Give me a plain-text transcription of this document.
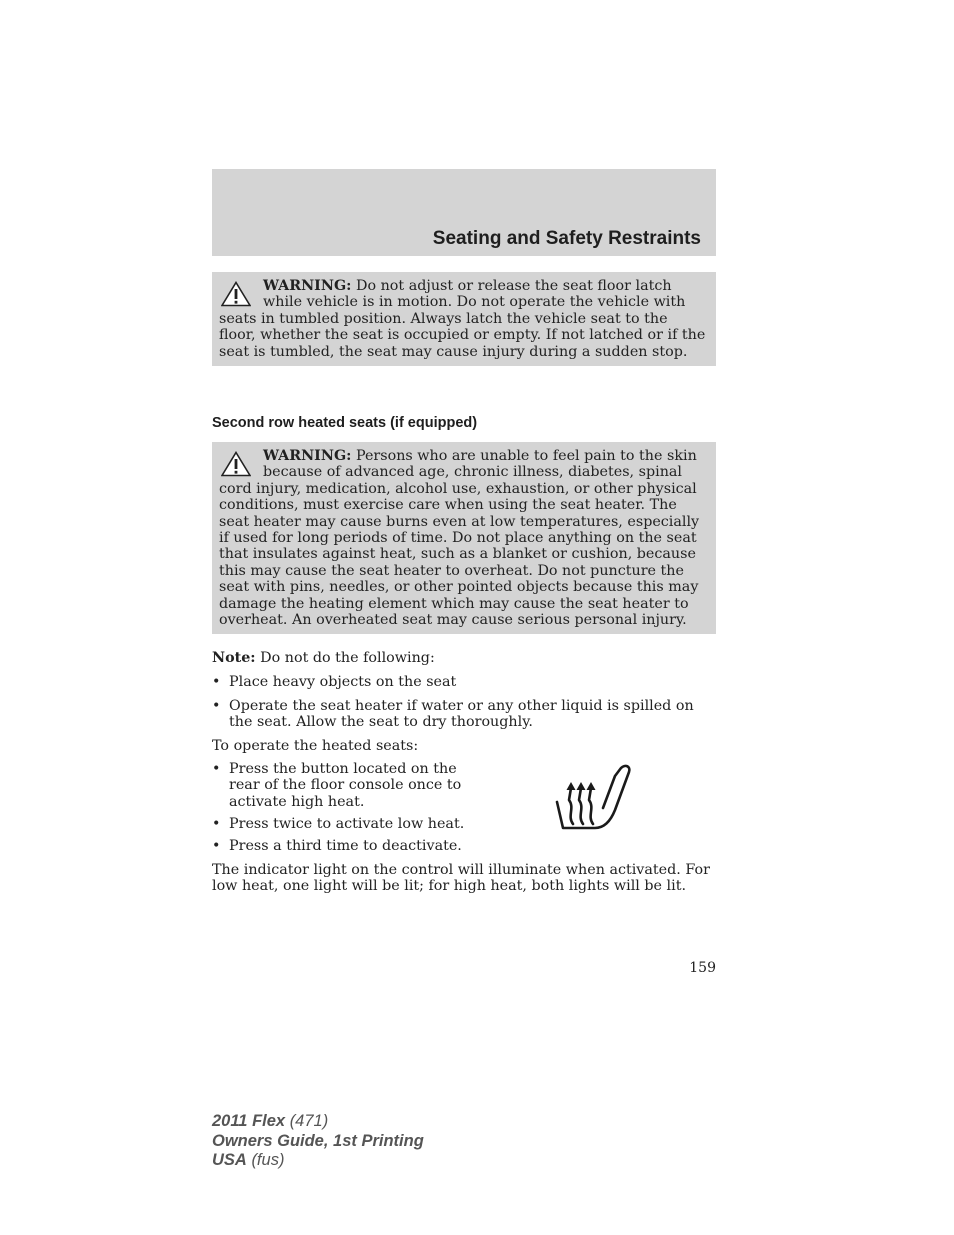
Seating and Safety Restraints
WARNING: Do not adjust or release the seat floor latch while vehicle is in motion. Do not operate the vehicle with seats in tumbled position. Always latch the vehicle seat to the floor, whether the seat is occupied or empty. If not latched or if the seat is tumbled, the seat may cause injury during a sudden stop.
Second row heated seats (if equipped)
WARNING: Persons who are unable to feel pain to the skin because of advanced age, chronic illness, diabetes, spinal cord injury, medication, alcohol use, exhaustion, or other physical conditions, must exercise care when using the seat heater. The seat heater may cause burns even at low temperatures, especially if used for long periods of time. Do not place anything on the seat that insulates against heat, such as a blanket or cushion, because this may cause the seat heater to overheat. Do not puncture the seat with pins, needles, or other pointed objects because this may damage the heating element which may cause the seat heater to overheat. An overheated seat may cause serious personal injury.
Note: Do not do the following:
• Place heavy objects on the seat
• Operate the seat heater if water or any other liquid is spilled on the seat. Allow the seat to dry thoroughly.
To operate the heated seats:
• Press the button located on the rear of the floor console once to activate high heat.
• Press twice to activate low heat.
• Press a third time to deactivate.
The indicator light on the control will illuminate when activated. For low heat, one light will be lit; for high heat, both lights will be lit.
159
2011 Flex (471)
Owners Guide, 1st Printing
USA (fus)
